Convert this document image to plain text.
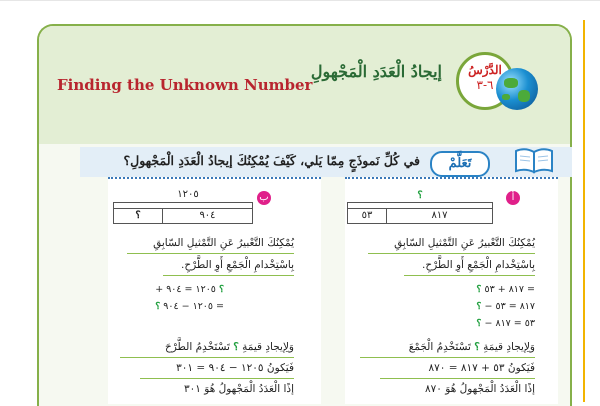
إيجادُ الْعَدَدِ الْمَجْهولِ
Finding the Unknown Number
الدَّرْسُ
٦-٣
في كُلِّ نَموذَجٍ مِمّا يَلي، كَيْفَ يُمْكِنُكَ إيجادُ الْعَدَدِ الْمَجْهولِ؟	تَعَلَّمْ
أ
؟
٥٣	٨١٧
يُمْكِنُكَ التَّعْبيرُ عَنِ التَّمْثيلِ السّابِقِ
بِاسْتِخْدامِ الْجَمْعِ أَوِ الطَّرْحِ.
= ٨١٧ + ٥٣ ؟
٨١٧ = ٥٣ − ؟
٥٣ = ٨١٧ − ؟
وَلِإيجادِ قيمَةِ ؟ تَسْتَخْدِمُ الْجَمْعَ
فَيَكونُ ٥٣ + ٨١٧ = ٨٧٠
إذًا الْعَدَدُ الْمَجْهولُ هُوَ ٨٧٠
ب
١٢٠٥
؟	٩٠٤
يُمْكِنُكَ التَّعْبيرُ عَنِ التَّمْثيلِ السّابِقِ
بِاسْتِخْدامِ الْجَمْعِ أَوِ الطَّرْحِ.
؟ ١٢٠٥ = ٩٠٤ +
= ١٢٠٥ − ٩٠٤ ؟
وَلِإيجادِ قيمَةِ ؟ تَسْتَخْدِمُ الطَّرْحَ
فَيَكونُ ١٢٠٥ − ٩٠٤ = ٣٠١
إذًا الْعَدَدُ الْمَجْهولُ هُوَ ٣٠١
